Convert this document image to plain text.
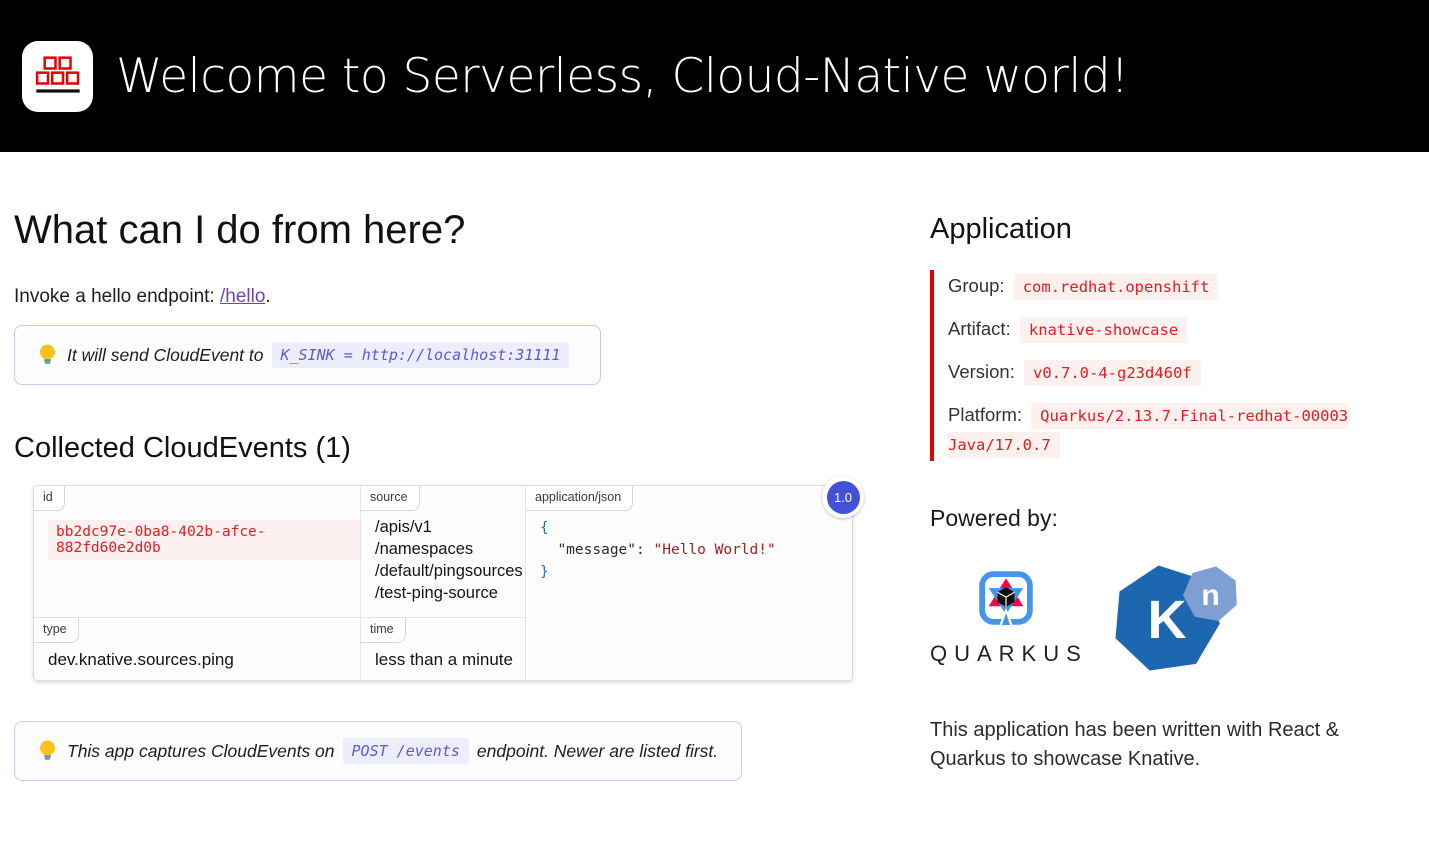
Welcome to Serverless, Cloud-Native world!
What can I do from here?

Invoke a hello endpoint: /hello.

It will send CloudEvent to	K_SINK = http://localhost:31111
Collected CloudEvents (1)
1.0
id
bb2dc97e-0ba8-402b-afce-882fd60e2d0b
source
/apis/v1
/namespaces
/default/pingsources
/test-ping-source
application/json
{
"message": "Hello World!"
}
type
dev.knative.sources.ping
time
less than a minute
This app captures CloudEvents on	POST /events endpoint. Newer are listed first.
Application
Group: com.redhat.openshift
Artifact: knative-showcase
Version: v0.7.0-4-g23d460f
Platform: Quarkus/2.13.7.Final-redhat-00003 Java/17.0.7
Powered by:
QUARKUS
K n

This application has been written with React & Quarkus to showcase Knative.
